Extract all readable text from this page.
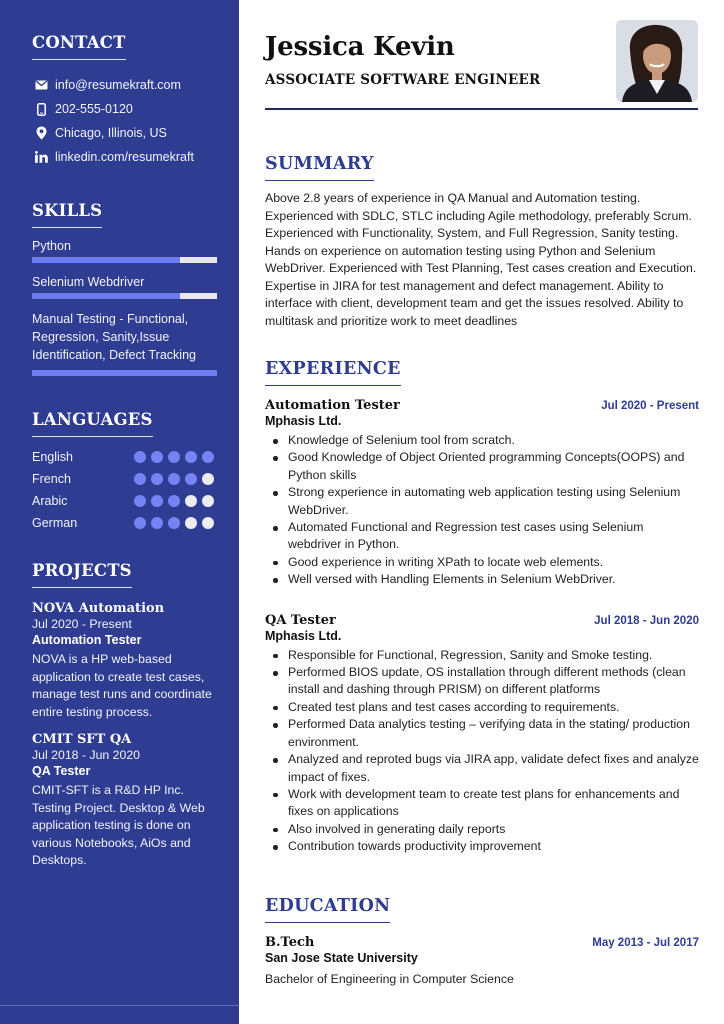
CONTACT
info@resumekraft.com
202-555-0120
Chicago, Illinois, US
linkedin.com/resumekraft
SKILLS
Python
Selenium Webdriver
Manual Testing - Functional, Regression, Sanity,Issue Identification, Defect Tracking
LANGUAGES
English
French
Arabic
German
PROJECTS
NOVA Automation
Jul 2020 - Present
Automation Tester
NOVA is a HP web-based application to create test cases, manage test runs and coordinate entire testing process.
CMIT SFT QA
Jul 2018 - Jun 2020
QA Tester
CMIT-SFT is a R&D HP Inc. Testing Project. Desktop & Web application testing is done on various Notebooks, AiOs and Desktops.
Jessica Kevin
ASSOCIATE SOFTWARE ENGINEER
SUMMARY

Above 2.8 years of experience in QA Manual and Automation testing. Experienced with SDLC, STLC including Agile methodology, preferably Scrum. Experienced with Functionality, System, and Full Regression, Sanity testing. Hands on experience on automation testing using Python and Selenium WebDriver. Experienced with Test Planning, Test cases creation and Execution. Expertise in JIRA for test management and defect management. Ability to interface with client, development team and get the issues resolved. Ability to multitask and prioritize work to meet deadlines

EXPERIENCE
Automation Tester	Jul 2020 - Present
Mphasis Ltd.
Knowledge of Selenium tool from scratch.
Good Knowledge of Object Oriented programming Concepts(OOPS) and Python skills
Strong experience in automating web application testing using Selenium WebDriver.
Automated Functional and Regression test cases using Selenium webdriver in Python.
Good experience in writing XPath to locate web elements.
Well versed with Handling Elements in Selenium WebDriver.
QA Tester	Jul 2018 - Jun 2020
Mphasis Ltd.
Responsible for Functional, Regression, Sanity and Smoke testing.
Performed BIOS update, OS installation through different methods (clean install and dashing through PRISM) on different platforms
Created test plans and test cases according to requirements.
Performed Data analytics testing – verifying data in the stating/ production environment.
Analyzed and reproted bugs via JIRA app, validate defect fixes and analyze impact of fixes.
Work with development team to create test plans for enhancements and fixes on applications
Also involved in generating daily reports
Contribution towards productivity improvement
EDUCATION
B.Tech	May 2013 - Jul 2017
San Jose State University
Bachelor of Engineering in Computer Science
